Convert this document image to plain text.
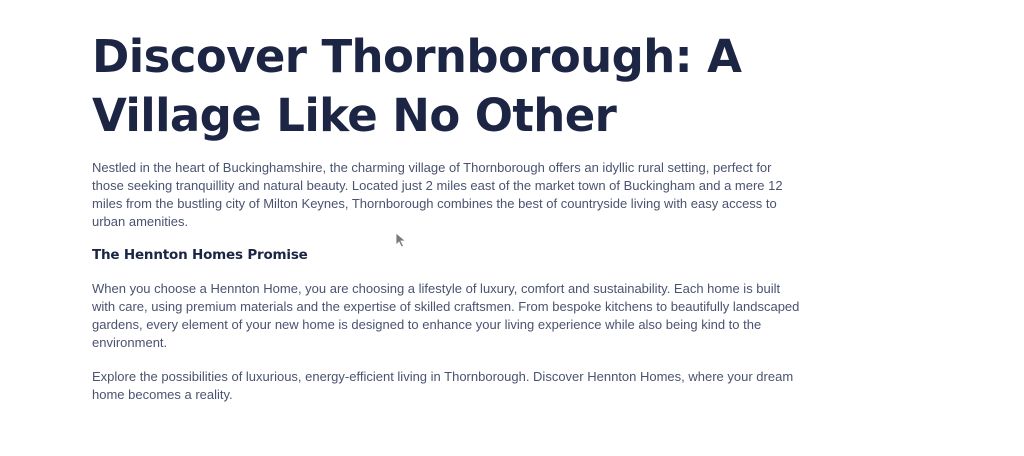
Discover Thornborough: A Village Like No Other

Nestled in the heart of Buckinghamshire, the charming village of Thornborough offers an idyllic rural setting, perfect for those seeking tranquillity and natural beauty. Located just 2 miles east of the market town of Buckingham and a mere 12 miles from the bustling city of Milton Keynes, Thornborough combines the best of countryside living with easy access to urban amenities.

The Hennton Homes Promise

When you choose a Hennton Home, you are choosing a lifestyle of luxury, comfort and sustainability. Each home is built with care, using premium materials and the expertise of skilled craftsmen. From bespoke kitchens to beautifully landscaped gardens, every element of your new home is designed to enhance your living experience while also being kind to the environment.

Explore the possibilities of luxurious, energy-efficient living in Thornborough. Discover Hennton Homes, where your dream home becomes a reality.
